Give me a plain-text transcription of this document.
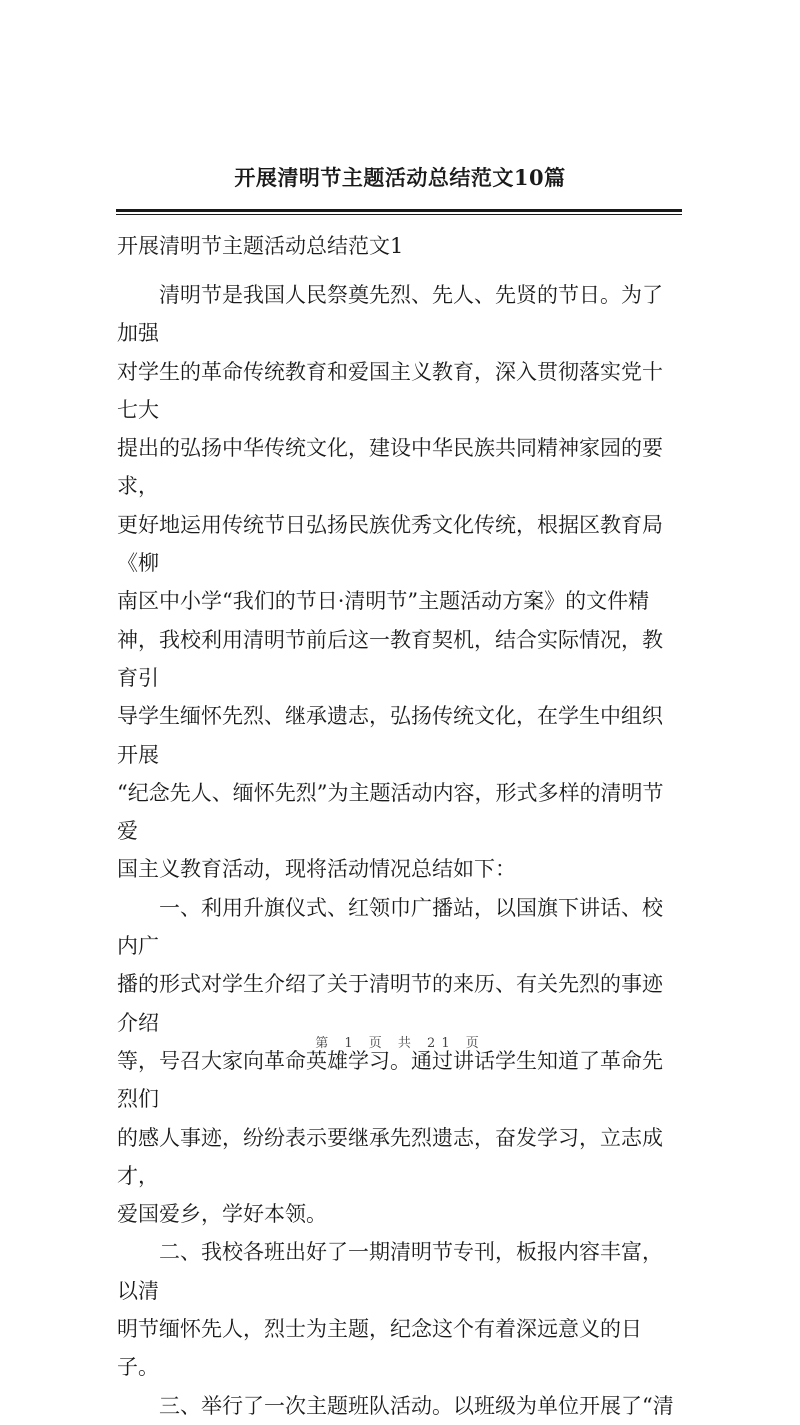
开展清明节主题活动总结范文10篇
开展清明节主题活动总结范文1

　　清明节是我国人民祭奠先烈、先人、先贤的节日。为了加强
对学生的革命传统教育和爱国主义教育，深入贯彻落实党十七大
提出的弘扬中华传统文化，建设中华民族共同精神家园的要求，
更好地运用传统节日弘扬民族优秀文化传统，根据区教育局《柳
南区中小学“我们的节日·清明节”主题活动方案》的文件精
神，我校利用清明节前后这一教育契机，结合实际情况，教育引
导学生缅怀先烈、继承遗志，弘扬传统文化，在学生中组织开展
“纪念先人、缅怀先烈”为主题活动内容，形式多样的清明节爱
国主义教育活动，现将活动情况总结如下：

　　一、利用升旗仪式、红领巾广播站，以国旗下讲话、校内广
播的形式对学生介绍了关于清明节的来历、有关先烈的事迹介绍
等，号召大家向革命英雄学习。通过讲话学生知道了革命先烈们
的感人事迹，纷纷表示要继承先烈遗志，奋发学习，立志成才，
爱国爱乡，学好本领。

　　二、我校各班出好了一期清明节专刊，板报内容丰富，以清
明节缅怀先人，烈士为主题，纪念这个有着深远意义的日子。

　　三、举行了一次主题班队活动。以班级为单位开展了“清

第 1 页 共 21 页
